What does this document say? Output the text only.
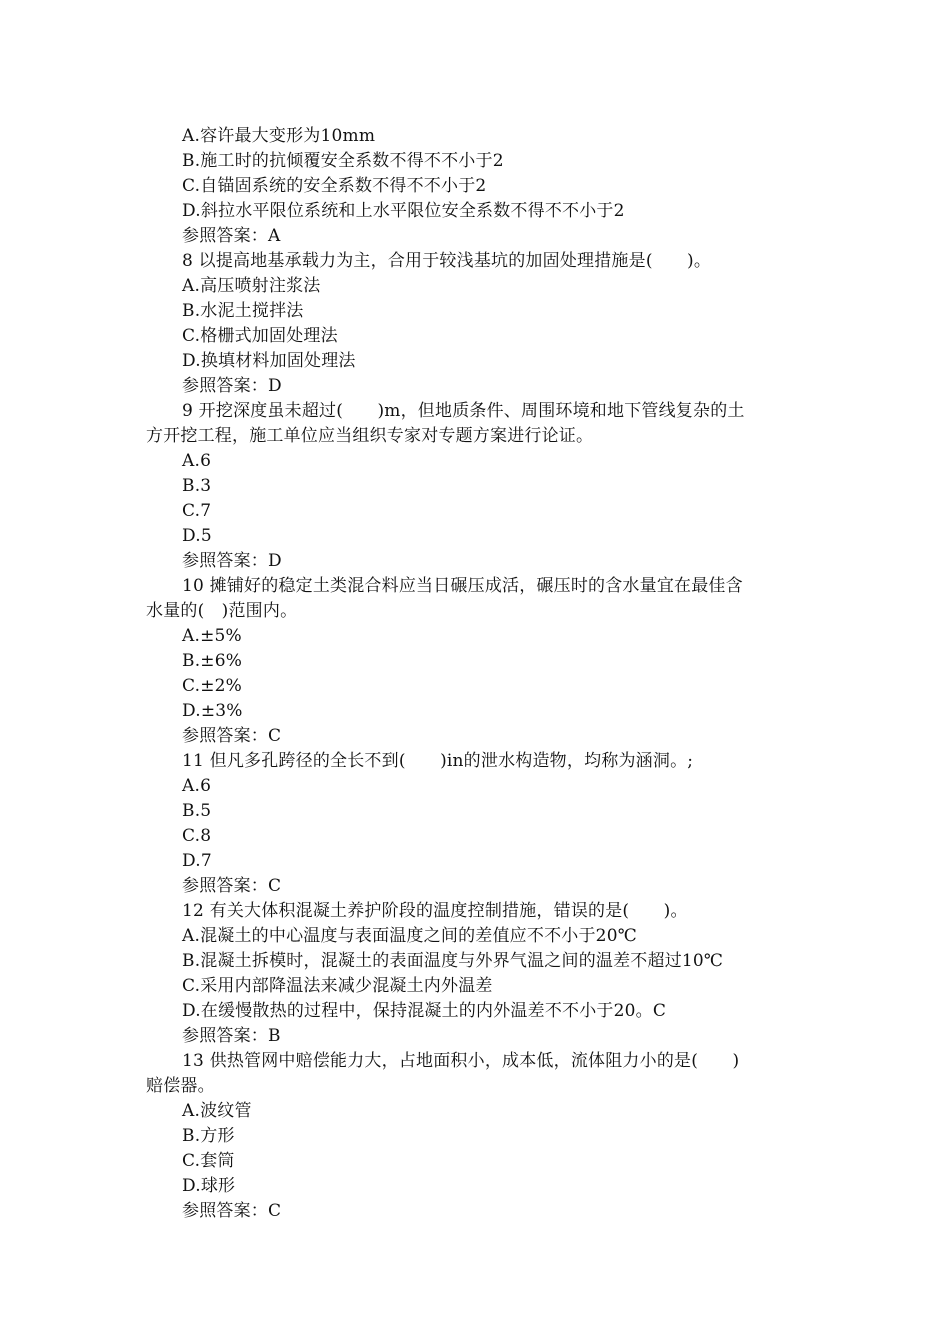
A.容许最大变形为10mm
B.施工时的抗倾覆安全系数不得不不小于2
C.自锚固系统的安全系数不得不不小于2
D.斜拉水平限位系统和上水平限位安全系数不得不不小于2
参照答案：A
8 以提高地基承载力为主，合用于较浅基坑的加固处理措施是(　　)。
A.高压喷射注浆法
B.水泥土搅拌法
C.格栅式加固处理法
D.换填材料加固处理法
参照答案：D
9 开挖深度虽未超过(　　)m，但地质条件、周围环境和地下管线复杂的土
方开挖工程，施工单位应当组织专家对专题方案进行论证。
A.6
B.3
C.7
D.5
参照答案：D
10 摊铺好的稳定土类混合料应当日碾压成活，碾压时的含水量宜在最佳含
水量的(　)范围内。
A.±5%
B.±6%
C.±2%
D.±3%
参照答案：C
11 但凡多孔跨径的全长不到(　　)in的泄水构造物，均称为涵洞。;
A.6
B.5
C.8
D.7
参照答案：C
12 有关大体积混凝土养护阶段的温度控制措施，错误的是(　　)。
A.混凝土的中心温度与表面温度之间的差值应不不小于20℃
B.混凝土拆模时，混凝土的表面温度与外界气温之间的温差不超过10℃
C.采用内部降温法来减少混凝土内外温差
D.在缓慢散热的过程中，保持混凝土的内外温差不不小于20。C
参照答案：B
13 供热管网中赔偿能力大，占地面积小，成本低，流体阻力小的是(　　)
赔偿器。
A.波纹管
B.方形
C.套筒
D.球形
参照答案：C
